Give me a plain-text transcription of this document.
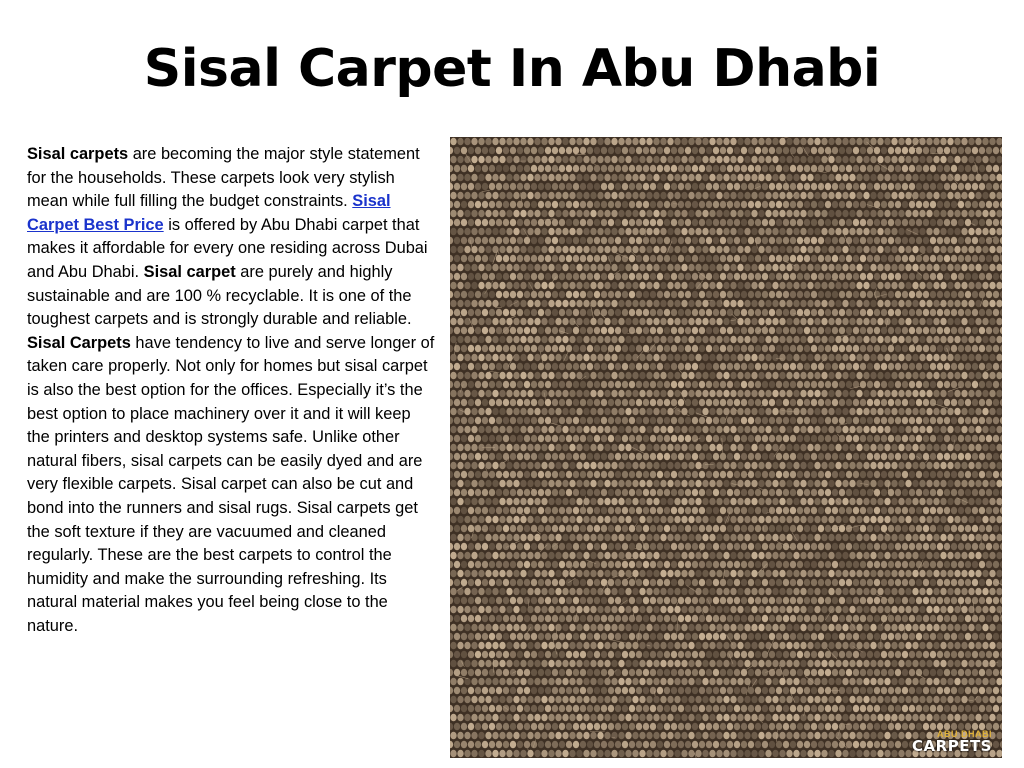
Sisal Carpet In Abu Dhabi

Sisal carpets are becoming the major style statement for the households. These carpets look very stylish mean while full filling the budget constraints. Sisal Carpet Best Price is offered by Abu Dhabi carpet that makes it affordable for every one residing across Dubai and Abu Dhabi. Sisal carpet are purely and highly sustainable and are 100 % recyclable. It is one of the toughest carpets and is strongly durable and reliable. Sisal Carpets have tendency to live and serve longer of taken care properly. Not only for homes but sisal carpet is also the best option for the offices. Especially it’s the best option to place machinery over it and it will keep the printers and desktop systems safe. Unlike other natural fibers, sisal carpets can be easily dyed and are very flexible carpets. Sisal carpet can also be cut and bond into the runners and sisal rugs. Sisal carpets get the soft texture if they are vacuumed and cleaned regularly. These are the best carpets to control the humidity and make the surrounding refreshing. Its natural material makes you feel being close to the nature.

ABU DHABI
CARPETS
